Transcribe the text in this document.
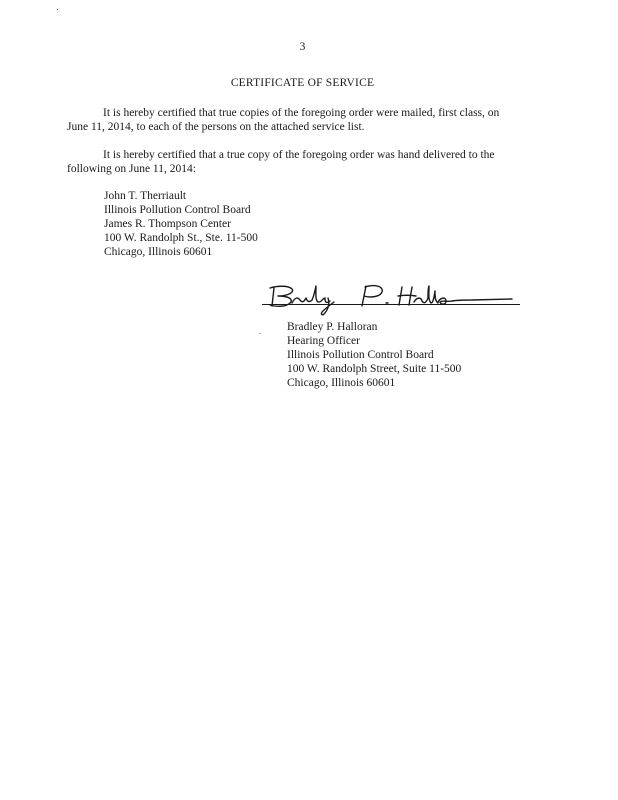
3
CERTIFICATE OF SERVICE
It is hereby certified that true copies of the foregoing order were mailed, first class, on June 11, 2014, to each of the persons on the attached service list.
It is hereby certified that a true copy of the foregoing order was hand delivered to the following on June 11, 2014:
John T. Therriault
Illinois Pollution Control Board
James R. Thompson Center
100 W. Randolph St., Ste. 11-500
Chicago, Illinois 60601
. Bradley P. Halloran
Hearing Officer
Illinois Pollution Control Board
100 W. Randolph Street, Suite 11-500
Chicago, Illinois 60601
